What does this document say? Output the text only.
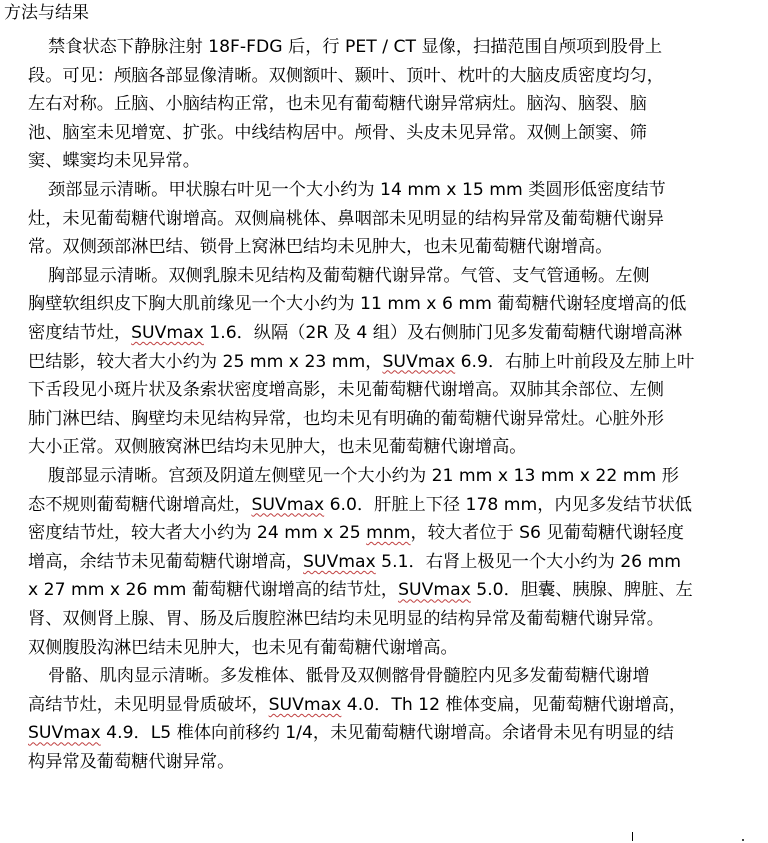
方法与结果
禁食状态下静脉注射 18F-FDG 后，行 PET / CT 显像，扫描范围自颅项到股骨上
段。可见：颅脑各部显像清晰。双侧额叶、颞叶、顶叶、枕叶的大脑皮质密度均匀，
左右对称。丘脑、小脑结构正常，也未见有葡萄糖代谢异常病灶。脑沟、脑裂、脑
池、脑室未见增宽、扩张。中线结构居中。颅骨、头皮未见异常。双侧上颌窦、筛
窦、蝶窦均未见异常。
颈部显示清晰。甲状腺右叶见一个大小约为 14 mm x 15 mm 类圆形低密度结节
灶，未见葡萄糖代谢增高。双侧扁桃体、鼻咽部未见明显的结构异常及葡萄糖代谢异
常。双侧颈部淋巴结、锁骨上窝淋巴结均未见肿大，也未见葡萄糖代谢增高。
胸部显示清晰。双侧乳腺未见结构及葡萄糖代谢异常。气管、支气管通畅。左侧
胸壁软组织皮下胸大肌前缘见一个大小约为 11 mm x 6 mm 葡萄糖代谢轻度增高的低
密度结节灶，SUVmax 1.6．纵隔（2R 及 4 组）及右侧肺门见多发葡萄糖代谢增高淋
巴结影，较大者大小约为 25 mm x 23 mm，SUVmax 6.9．右肺上叶前段及左肺上叶
下舌段见小斑片状及条索状密度增高影，未见葡萄糖代谢增高。双肺其余部位、左侧
肺门淋巴结、胸壁均未见结构异常，也均未见有明确的葡萄糖代谢异常灶。心脏外形
大小正常。双侧腋窝淋巴结均未见肿大，也未见葡萄糖代谢增高。
腹部显示清晰。宫颈及阴道左侧壁见一个大小约为 21 mm x 13 mm x 22 mm 形
态不规则葡萄糖代谢增高灶，SUVmax 6.0．肝脏上下径 178 mm，内见多发结节状低
密度结节灶，较大者大小约为 24 mm x 25 mnm，较大者位于 S6 见葡萄糖代谢轻度
增高，余结节未见葡萄糖代谢增高，SUVmax 5.1．右肾上极见一个大小约为 26 mm
x 27 mm x 26 mm 葡萄糖代谢增高的结节灶，SUVmax 5.0．胆囊、胰腺、脾脏、左
肾、双侧肾上腺、胃、肠及后腹腔淋巴结均未见明显的结构异常及葡萄糖代谢异常。
双侧腹股沟淋巴结未见肿大，也未见有葡萄糖代谢增高。
骨骼、肌肉显示清晰。多发椎体、骶骨及双侧髂骨骨髓腔内见多发葡萄糖代谢增
高结节灶，未见明显骨质破坏，SUVmax 4.0．Th 12 椎体变扁，见葡萄糖代谢增高，
SUVmax 4.9．L5 椎体向前移约 1/4，未见葡萄糖代谢增高。余诸骨未见有明显的结
构异常及葡萄糖代谢异常。
